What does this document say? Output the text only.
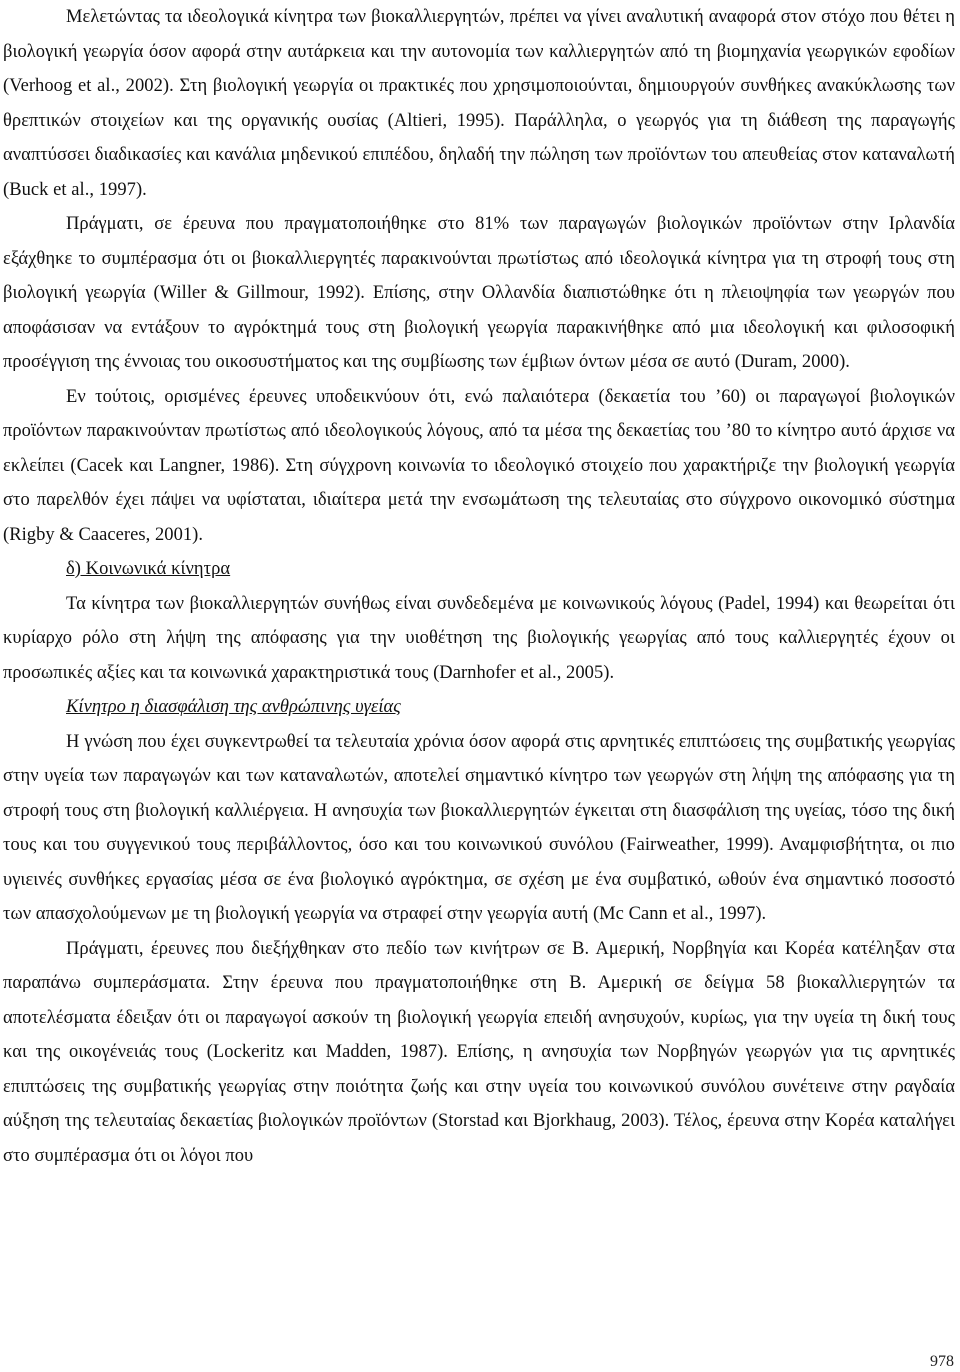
Μελετώντας τα ιδεολογικά κίνητρα των βιοκαλλιεργητών, πρέπει να γίνει αναλυτική αναφορά στον στόχο που θέτει η βιολογική γεωργία όσον αφορά στην αυτάρκεια και την αυτονομία των καλλιεργητών από τη βιομηχανία γεωργικών εφοδίων (Verhoog et al., 2002). Στη βιολογική γεωργία οι πρακτικές που χρησιμοποιούνται, δημιουργούν συνθήκες ανακύκλωσης των θρεπτικών στοιχείων και της οργανικής ουσίας (Altieri, 1995). Παράλληλα, ο γεωργός για τη διάθεση της παραγωγής αναπτύσσει διαδικασίες και κανάλια μηδενικού επιπέδου, δηλαδή την πώληση των προϊόντων του απευθείας στον καταναλωτή (Buck et al., 1997).

Πράγματι, σε έρευνα που πραγματοποιήθηκε στο 81% των παραγωγών βιολογικών προϊόντων στην Ιρλανδία εξάχθηκε το συμπέρασμα ότι οι βιοκαλλιεργητές παρακινούνται πρωτίστως από ιδεολογικά κίνητρα για τη στροφή τους στη βιολογική γεωργία (Willer & Gillmour, 1992). Επίσης, στην Ολλανδία διαπιστώθηκε ότι η πλειοψηφία των γεωργών που αποφάσισαν να εντάξουν το αγρόκτημά τους στη βιολογική γεωργία παρακινήθηκε από μια ιδεολογική και φιλοσοφική προσέγγιση της έννοιας του οικοσυστήματος και της συμβίωσης των έμβιων όντων μέσα σε αυτό (Duram, 2000).

Εν τούτοις, ορισμένες έρευνες υποδεικνύουν ότι, ενώ παλαιότερα (δεκαετία του ’60) οι παραγωγοί βιολογικών προϊόντων παρακινούνταν πρωτίστως από ιδεολογικούς λόγους, από τα μέσα της δεκαετίας του ’80 το κίνητρο αυτό άρχισε να εκλείπει (Cacek και Langner, 1986). Στη σύγχρονη κοινωνία το ιδεολογικό στοιχείο που χαρακτήριζε την βιολογική γεωργία στο παρελθόν έχει πάψει να υφίσταται, ιδιαίτερα μετά την ενσωμάτωση της τελευταίας στο σύγχρονο οικονομικό σύστημα (Rigby & Caaceres, 2001).

δ) Κοινωνικά κίνητρα

Τα κίνητρα των βιοκαλλιεργητών συνήθως είναι συνδεδεμένα με κοινωνικούς λόγους (Padel, 1994) και θεωρείται ότι κυρίαρχο ρόλο στη λήψη της απόφασης για την υιοθέτηση της βιολογικής γεωργίας από τους καλλιεργητές έχουν οι προσωπικές αξίες και τα κοινωνικά χαρακτηριστικά τους (Darnhofer et al., 2005).

Κίνητρο η διασφάλιση της ανθρώπινης υγείας

Η γνώση που έχει συγκεντρωθεί τα τελευταία χρόνια όσον αφορά στις αρνητικές επιπτώσεις της συμβατικής γεωργίας στην υγεία των παραγωγών και των καταναλωτών, αποτελεί σημαντικό κίνητρο των γεωργών στη λήψη της απόφασης για τη στροφή τους στη βιολογική καλλιέργεια. Η ανησυχία των βιοκαλλιεργητών έγκειται στη διασφάλιση της υγείας, τόσο της δική τους και του συγγενικού τους περιβάλλοντος, όσο και του κοινωνικού συνόλου (Fairweather, 1999). Αναμφισβήτητα, οι πιο υγιεινές συνθήκες εργασίας μέσα σε ένα βιολογικό αγρόκτημα, σε σχέση με ένα συμβατικό, ωθούν ένα σημαντικό ποσοστό των απασχολούμενων με τη βιολογική γεωργία να στραφεί στην γεωργία αυτή (Mc Cann et al., 1997).

Πράγματι, έρευνες που διεξήχθηκαν στο πεδίο των κινήτρων σε Β. Αμερική, Νορβηγία και Κορέα κατέληξαν στα παραπάνω συμπεράσματα. Στην έρευνα που πραγματοποιήθηκε στη Β. Αμερική σε δείγμα 58 βιοκαλλιεργητών τα αποτελέσματα έδειξαν ότι οι παραγωγοί ασκούν τη βιολογική γεωργία επειδή ανησυχούν, κυρίως, για την υγεία τη δική τους και της οικογένειάς τους (Lockeritz και Madden, 1987). Επίσης, η ανησυχία των Νορβηγών γεωργών για τις αρνητικές επιπτώσεις της συμβατικής γεωργίας στην ποιότητα ζωής και στην υγεία του κοινωνικού συνόλου συνέτεινε στην ραγδαία αύξηση της τελευταίας δεκαετίας βιολογικών προϊόντων (Storstad και Bjorkhaug, 2003). Τέλος, έρευνα στην Κορέα καταλήγει στο συμπέρασμα ότι οι λόγοι που

978
